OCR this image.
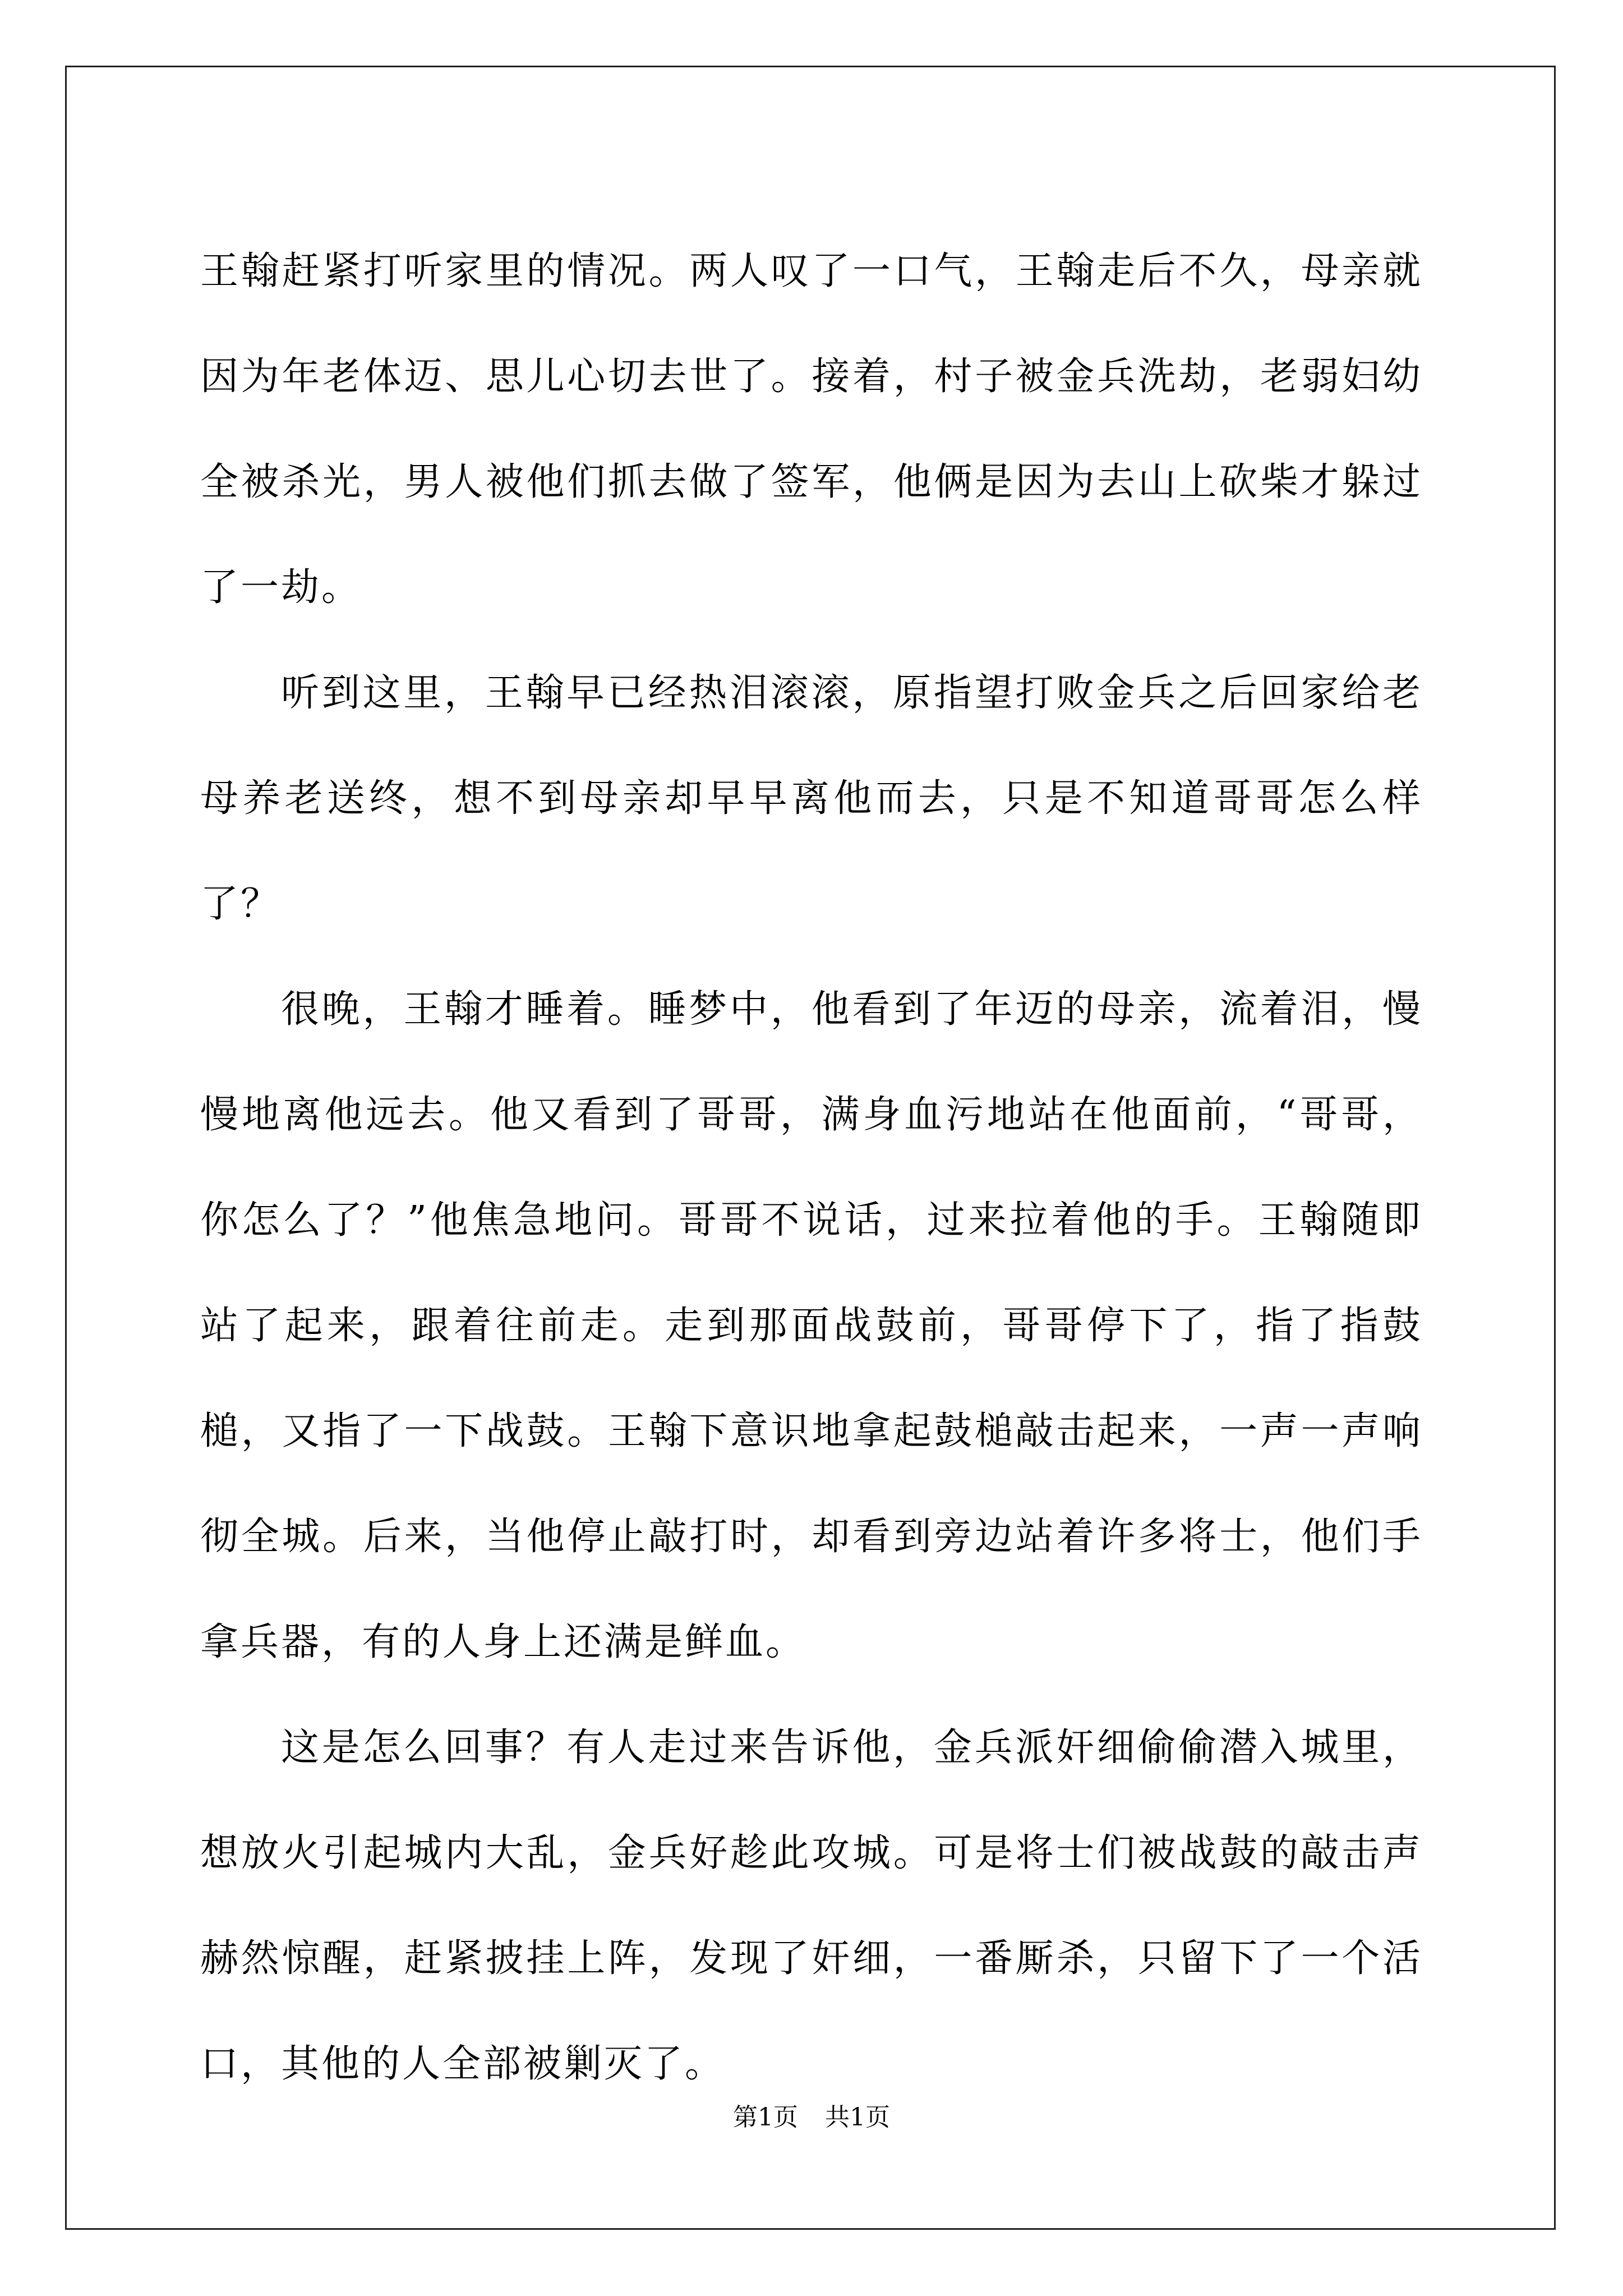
王翰赶紧打听家里的情况。两人叹了一口气，王翰走后不久，母亲就因为年老体迈、思儿心切去世了。接着，村子被金兵洗劫，老弱妇幼全被杀光，男人被他们抓去做了签军，他俩是因为去山上砍柴才躲过了一劫。

听到这里，王翰早已经热泪滚滚，原指望打败金兵之后回家给老母养老送终，想不到母亲却早早离他而去，只是不知道哥哥怎么样了？

很晚，王翰才睡着。睡梦中，他看到了年迈的母亲，流着泪，慢慢地离他远去。他又看到了哥哥，满身血污地站在他面前，“哥哥，你怎么了？”他焦急地问。哥哥不说话，过来拉着他的手。王翰随即站了起来，跟着往前走。走到那面战鼓前，哥哥停下了，指了指鼓槌，又指了一下战鼓。王翰下意识地拿起鼓槌敲击起来，一声一声响彻全城。后来，当他停止敲打时，却看到旁边站着许多将士，他们手拿兵器，有的人身上还满是鲜血。

这是怎么回事？有人走过来告诉他，金兵派奸细偷偷潜入城里，想放火引起城内大乱，金兵好趁此攻城。可是将士们被战鼓的敲击声赫然惊醒，赶紧披挂上阵，发现了奸细，一番厮杀，只留下了一个活口，其他的人全部被剿灭了。

第1页 共1页
